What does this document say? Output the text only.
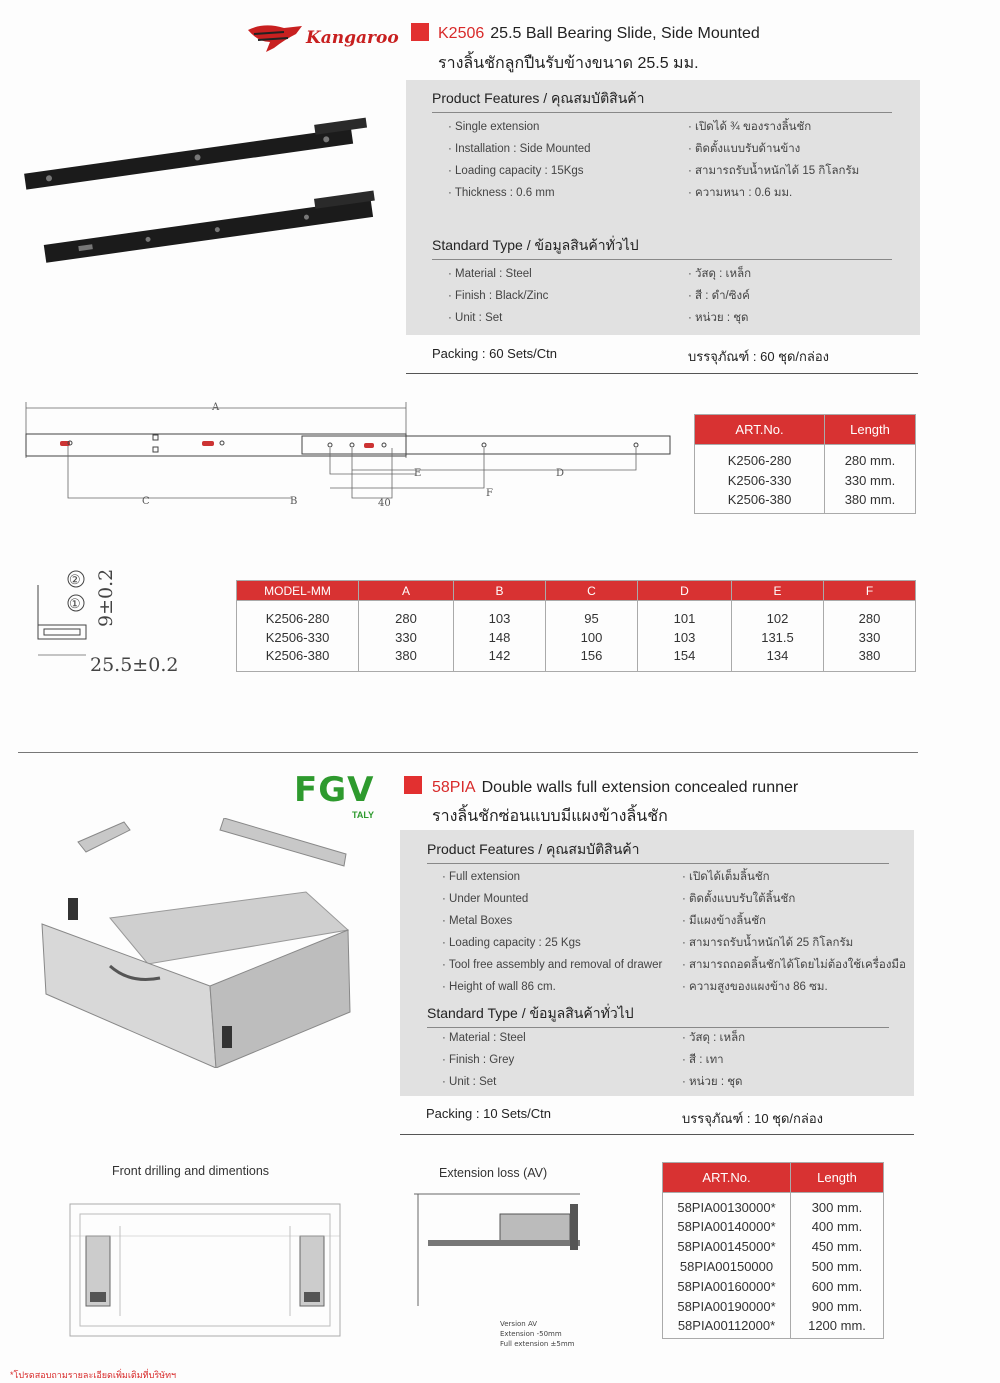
Kangaroo K2506 25.5 Ball Bearing Slide, Side Mounted
รางลิ้นชักลูกปืนรับข้างขนาด 25.5 มม.
Product Features / คุณสมบัติสินค้า
· Single extension
· Installation : Side Mounted
· Loading capacity : 15Kgs
· Thickness : 0.6 mm
· เปิดได้ ¾ ของรางลิ้นชัก
· ติดตั้งแบบรับด้านข้าง
· สามารถรับน้ำหนักได้ 15 กิโลกรัม
· ความหนา : 0.6 มม.
Standard Type / ข้อมูลสินค้าทั่วไป
· Material : Steel
· Finish : Black/Zinc
· Unit : Set
· วัสดุ : เหล็ก
· สี : ดำ/ซิงค์
· หน่วย : ชุด
Packing : 60 Sets/Ctn	บรรจุภัณฑ์ : 60 ชุด/กล่อง
A
C	B	40
E	D
F
ART.No.	Length
K2506-280	280 mm.
K2506-330	330 mm.
K2506-380	380 mm.
②
① 9±0.2
25.5±0.2
MODEL-MM	A	B	C	D	E	F
K2506-280	280	103	95	101	102	280
K2506-330	330	148	100	103	131.5	330
K2506-380	380	142	156	154	134	380
FGV
TALY
58PIA Double walls full extension concealed runner
รางลิ้นชักซ่อนแบบมีแผงข้างลิ้นชัก
Product Features / คุณสมบัติสินค้า
· Full extension
· Under Mounted
· Metal Boxes
· Loading capacity : 25 Kgs
· Tool free assembly and removal of drawer
· Height of wall 86 cm.
· เปิดได้เต็มลิ้นชัก
· ติดตั้งแบบรับใต้ลิ้นชัก
· มีแผงข้างลิ้นชัก
· สามารถรับน้ำหนักได้ 25 กิโลกรัม
· สามารถถอดลิ้นชักได้โดยไม่ต้องใช้เครื่องมือ
· ความสูงของแผงข้าง 86 ซม.
Standard Type / ข้อมูลสินค้าทั่วไป
· Material : Steel
· Finish : Grey
· Unit : Set
· วัสดุ : เหล็ก
· สี : เทา
· หน่วย : ชุด
Packing : 10 Sets/Ctn	บรรจุภัณฑ์ : 10 ชุด/กล่อง
Front drilling and dimentions	Extension loss (AV)
Version AV
Extension -50mm
Full extension ±5mm
ART.No.	Length
58PIA00130000*	300 mm.
58PIA00140000*	400 mm.
58PIA00145000*	450 mm.
58PIA00150000	500 mm.
58PIA00160000*	600 mm.
58PIA00190000*	900 mm.
58PIA00112000*	1200 mm.
*โปรดสอบถามรายละเอียดเพิ่มเติมที่บริษัทฯ
